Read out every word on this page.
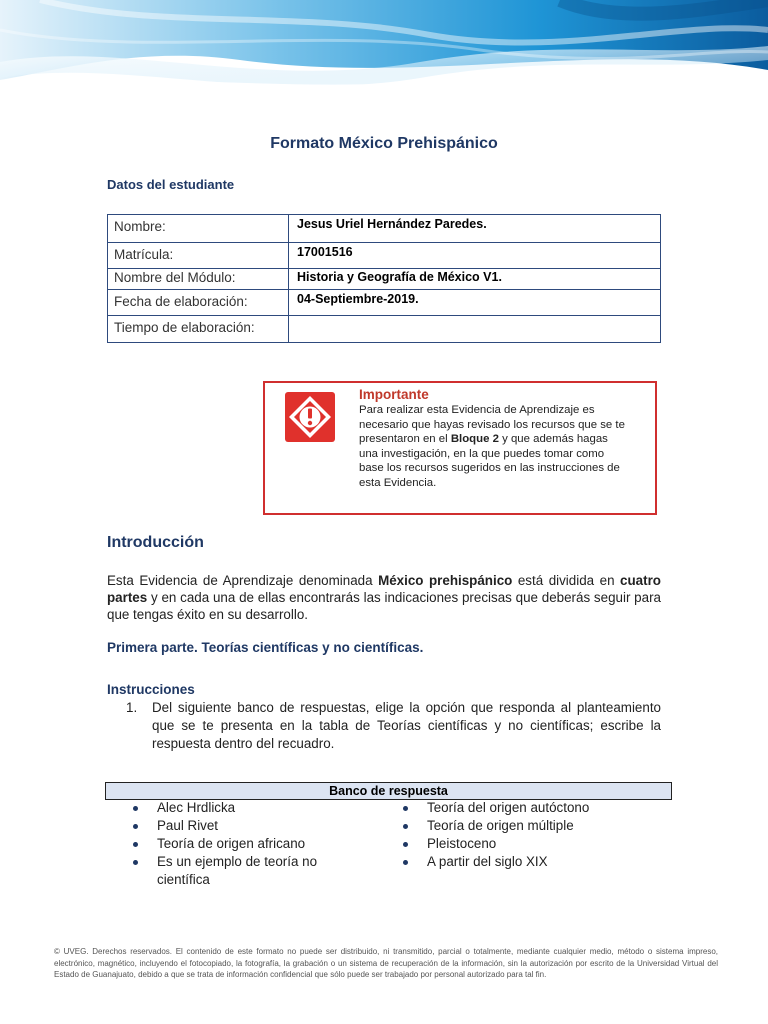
Formato México Prehispánico
Datos del estudiante
Nombre:	Jesus Uriel Hernández Paredes.
Matrícula:	17001516
Nombre del Módulo:	Historia y Geografía de México V1.
Fecha de elaboración:	04-Septiembre-2019.
Tiempo de elaboración:	
Importante
Para realizar esta Evidencia de Aprendizaje es necesario que hayas revisado los recursos que se te presentaron en el Bloque 2 y que además hagas una investigación, en la que puedes tomar como base los recursos sugeridos en las instrucciones de esta Evidencia.
Introducción
Esta Evidencia de Aprendizaje denominada México prehispánico está dividida en cuatro partes y en cada una de ellas encontrarás las indicaciones precisas que deberás seguir para que tengas éxito en su desarrollo.
Primera parte. Teorías científicas y no científicas.
Instrucciones
1. Del siguiente banco de respuestas, elige la opción que responda al planteamiento que se te presenta en la tabla de Teorías científicas y no científicas; escribe la respuesta dentro del recuadro.
Banco de respuesta
Alec Hrdlicka
Paul Rivet
Teoría de origen africano
Es un ejemplo de teoría no científica
Teoría del origen autóctono
Teoría de origen múltiple
Pleistoceno
A partir del siglo XIX
© UVEG. Derechos reservados. El contenido de este formato no puede ser distribuido, ni transmitido, parcial o totalmente, mediante cualquier medio, método o sistema impreso, electrónico, magnético, incluyendo el fotocopiado, la fotografía, la grabación o un sistema de recuperación de la información, sin la autorización por escrito de la Universidad Virtual del Estado de Guanajuato, debido a que se trata de información confidencial que sólo puede ser trabajado por personal autorizado para tal fin.
